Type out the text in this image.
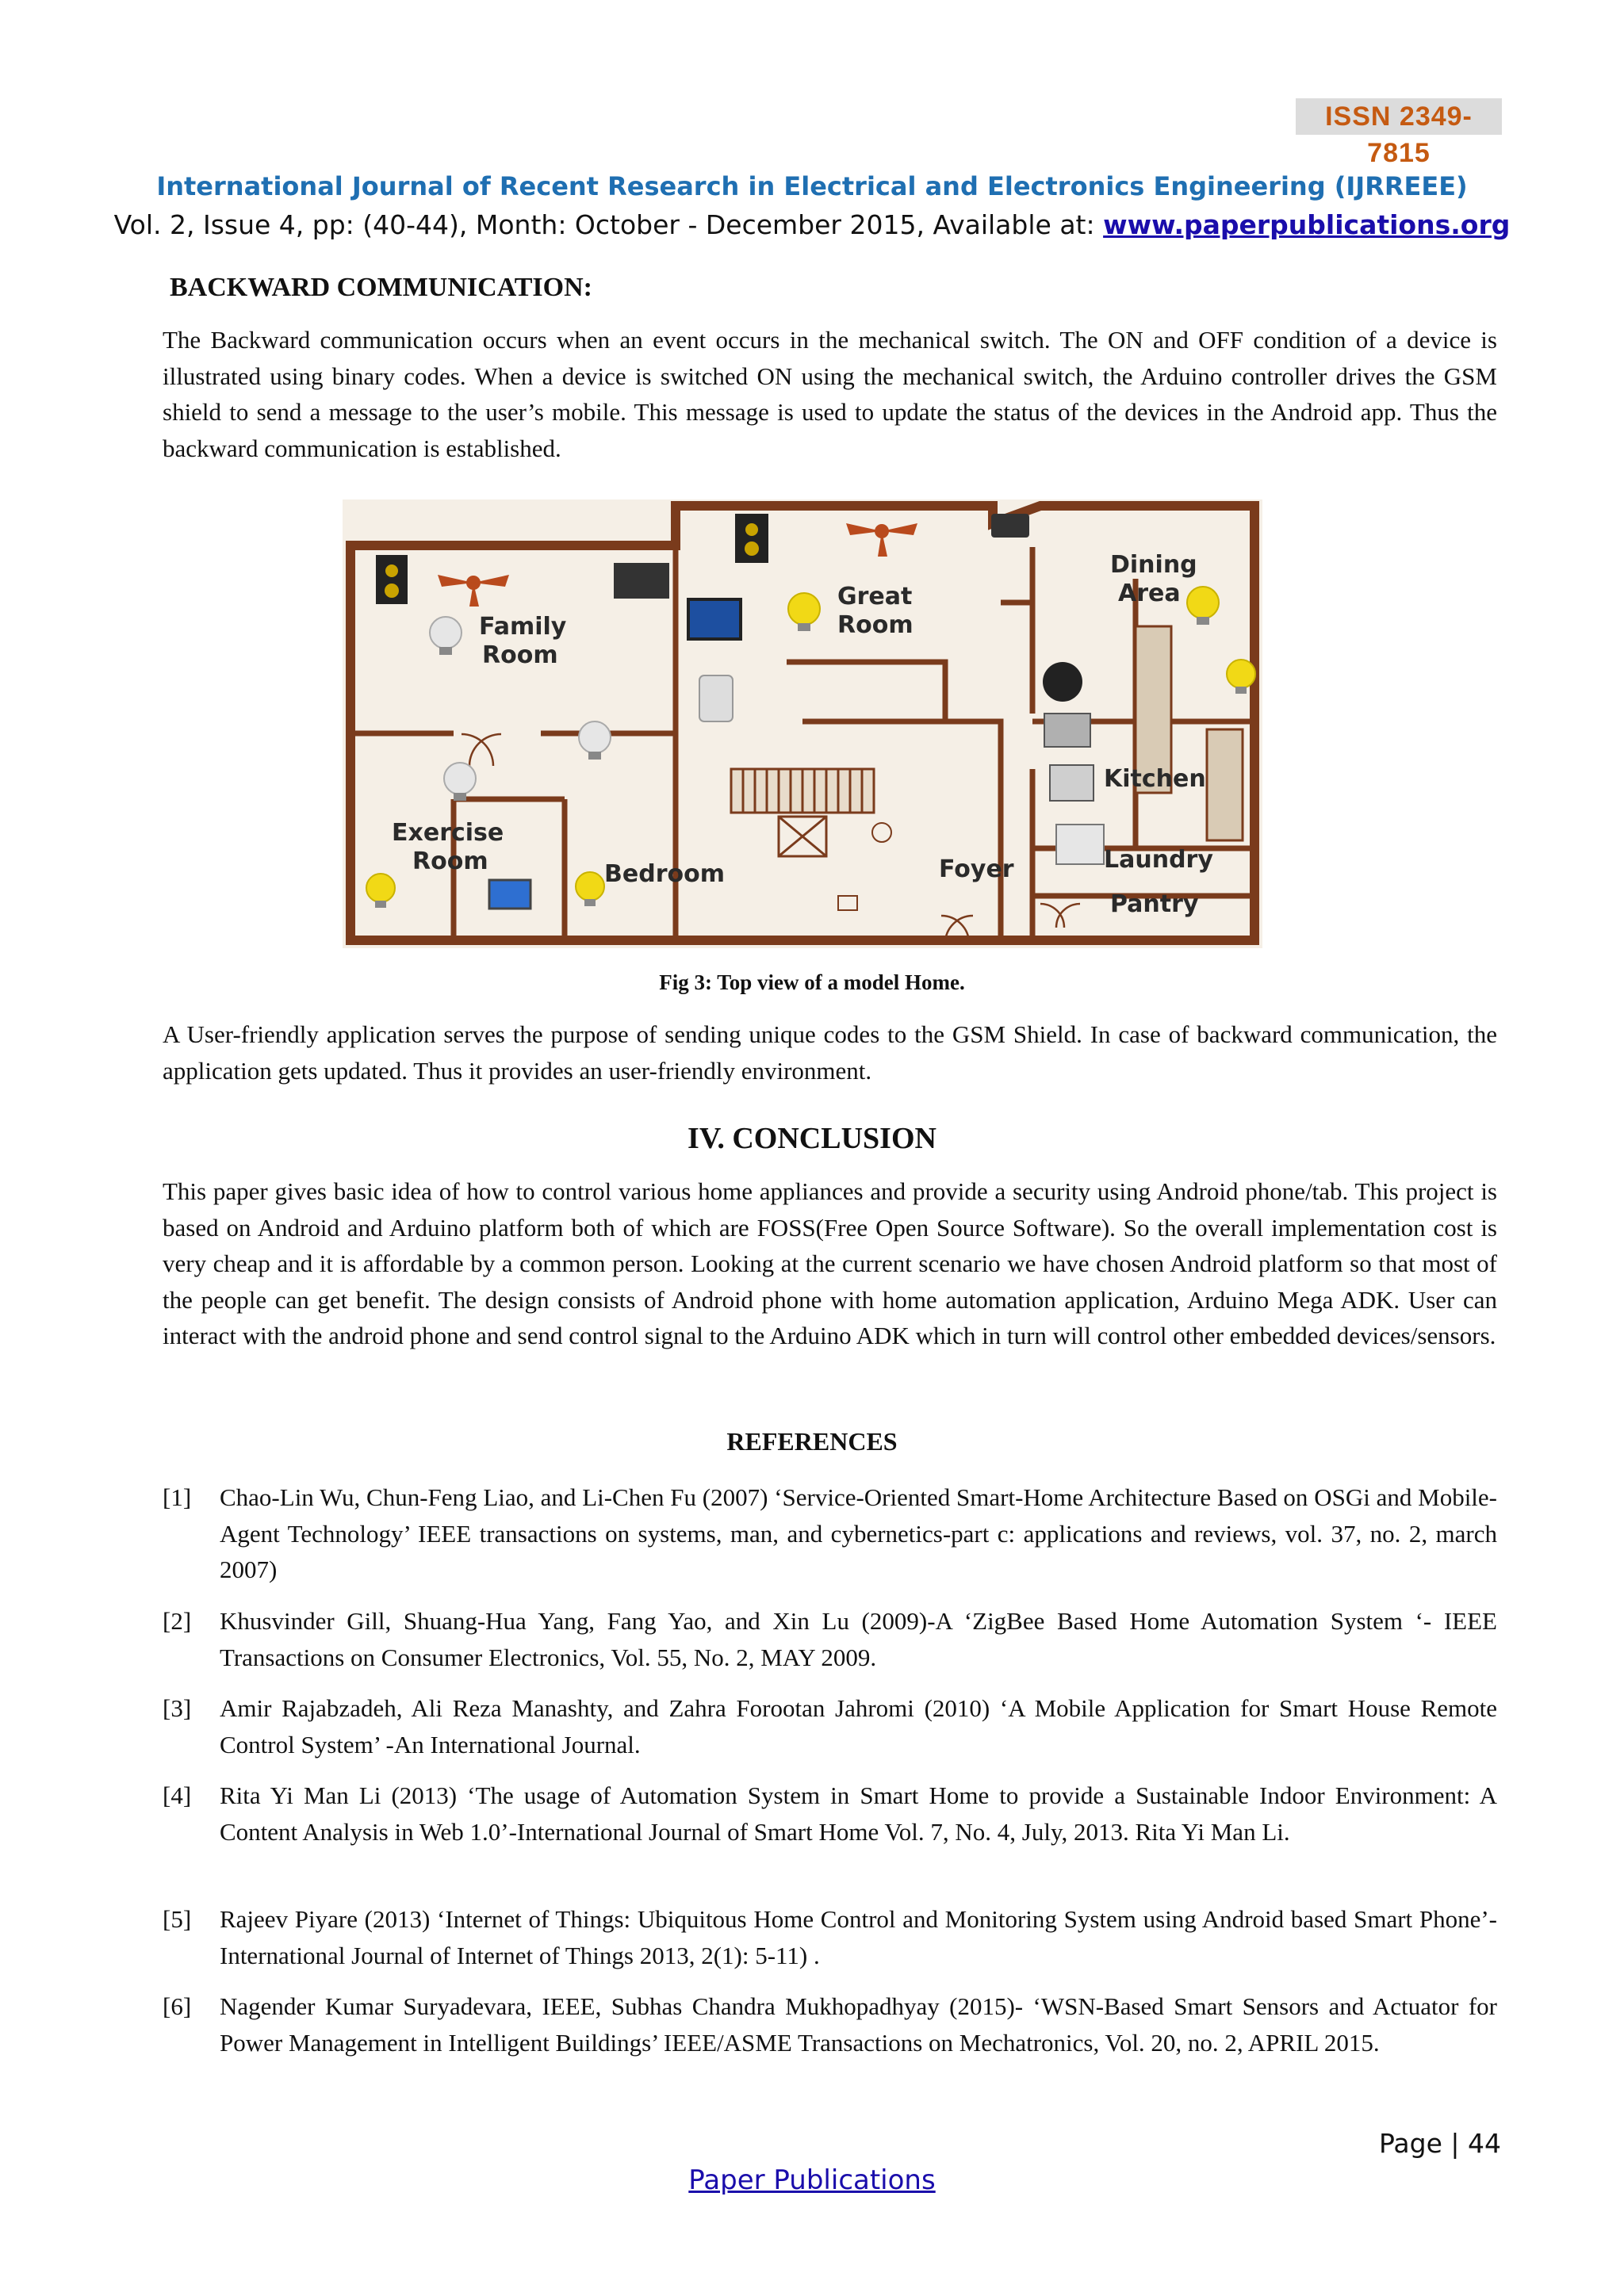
ISSN 2349-7815
International Journal of Recent Research in Electrical and Electronics Engineering (IJRREEE)
Vol. 2, Issue 4, pp: (40-44), Month: October - December 2015, Available at: www.paperpublications.org
BACKWARD COMMUNICATION:

The Backward communication occurs when an event occurs in the mechanical switch. The ON and OFF condition of a device is illustrated using binary codes. When a device is switched ON using the mechanical switch, the Arduino controller drives the GSM shield to send a message to the user’s mobile. This message is used to update the status of the devices in the Android app. Thus the backward communication is established.

Family
Room
Great
Room
Dining
Area
Kitchen
Exercise
Room	Bedroom	Foyer	Laundry
Pantry
Fig 3: Top view of a model Home.

A User-friendly application serves the purpose of sending unique codes to the GSM Shield. In case of backward communication, the application gets updated. Thus it provides an user-friendly environment.

IV. CONCLUSION

This paper gives basic idea of how to control various home appliances and provide a security using Android phone/tab. This project is based on Android and Arduino platform both of which are FOSS(Free Open Source Software). So the overall implementation cost is very cheap and it is affordable by a common person. Looking at the current scenario we have chosen Android platform so that most of the people can get benefit. The design consists of Android phone with home automation application, Arduino Mega ADK. User can interact with the android phone and send control signal to the Arduino ADK which in turn will control other embedded devices/sensors.

REFERENCES
[1]	Chao-Lin Wu, Chun-Feng Liao, and Li-Chen Fu (2007) ‘Service-Oriented Smart-Home Architecture Based on OSGi and Mobile-Agent Technology’ IEEE transactions on systems, man, and cybernetics-part c: applications and reviews, vol. 37, no. 2, march 2007)
[2]	Khusvinder Gill, Shuang-Hua Yang, Fang Yao, and Xin Lu (2009)-A ‘ZigBee Based Home Automation System ‘- IEEE Transactions on Consumer Electronics, Vol. 55, No. 2, MAY 2009.
[3]	Amir Rajabzadeh, Ali Reza Manashty, and Zahra Forootan Jahromi (2010) ‘A Mobile Application for Smart House Remote Control System’ -An International Journal.
[4]	Rita Yi Man Li (2013) ‘The usage of Automation System in Smart Home to provide a Sustainable Indoor Environment: A Content Analysis in Web 1.0’-International Journal of Smart Home Vol. 7, No. 4, July, 2013. Rita Yi Man Li.
[5]	Rajeev Piyare (2013) ‘Internet of Things: Ubiquitous Home Control and Monitoring System using Android based Smart Phone’-International Journal of Internet of Things 2013, 2(1): 5-11) .
[6]	Nagender Kumar Suryadevara, IEEE, Subhas Chandra Mukhopadhyay (2015)- ‘WSN-Based Smart Sensors and Actuator for Power Management in Intelligent Buildings’ IEEE/ASME Transactions on Mechatronics, Vol. 20, no. 2, APRIL 2015.
Page | 44
Paper Publications
